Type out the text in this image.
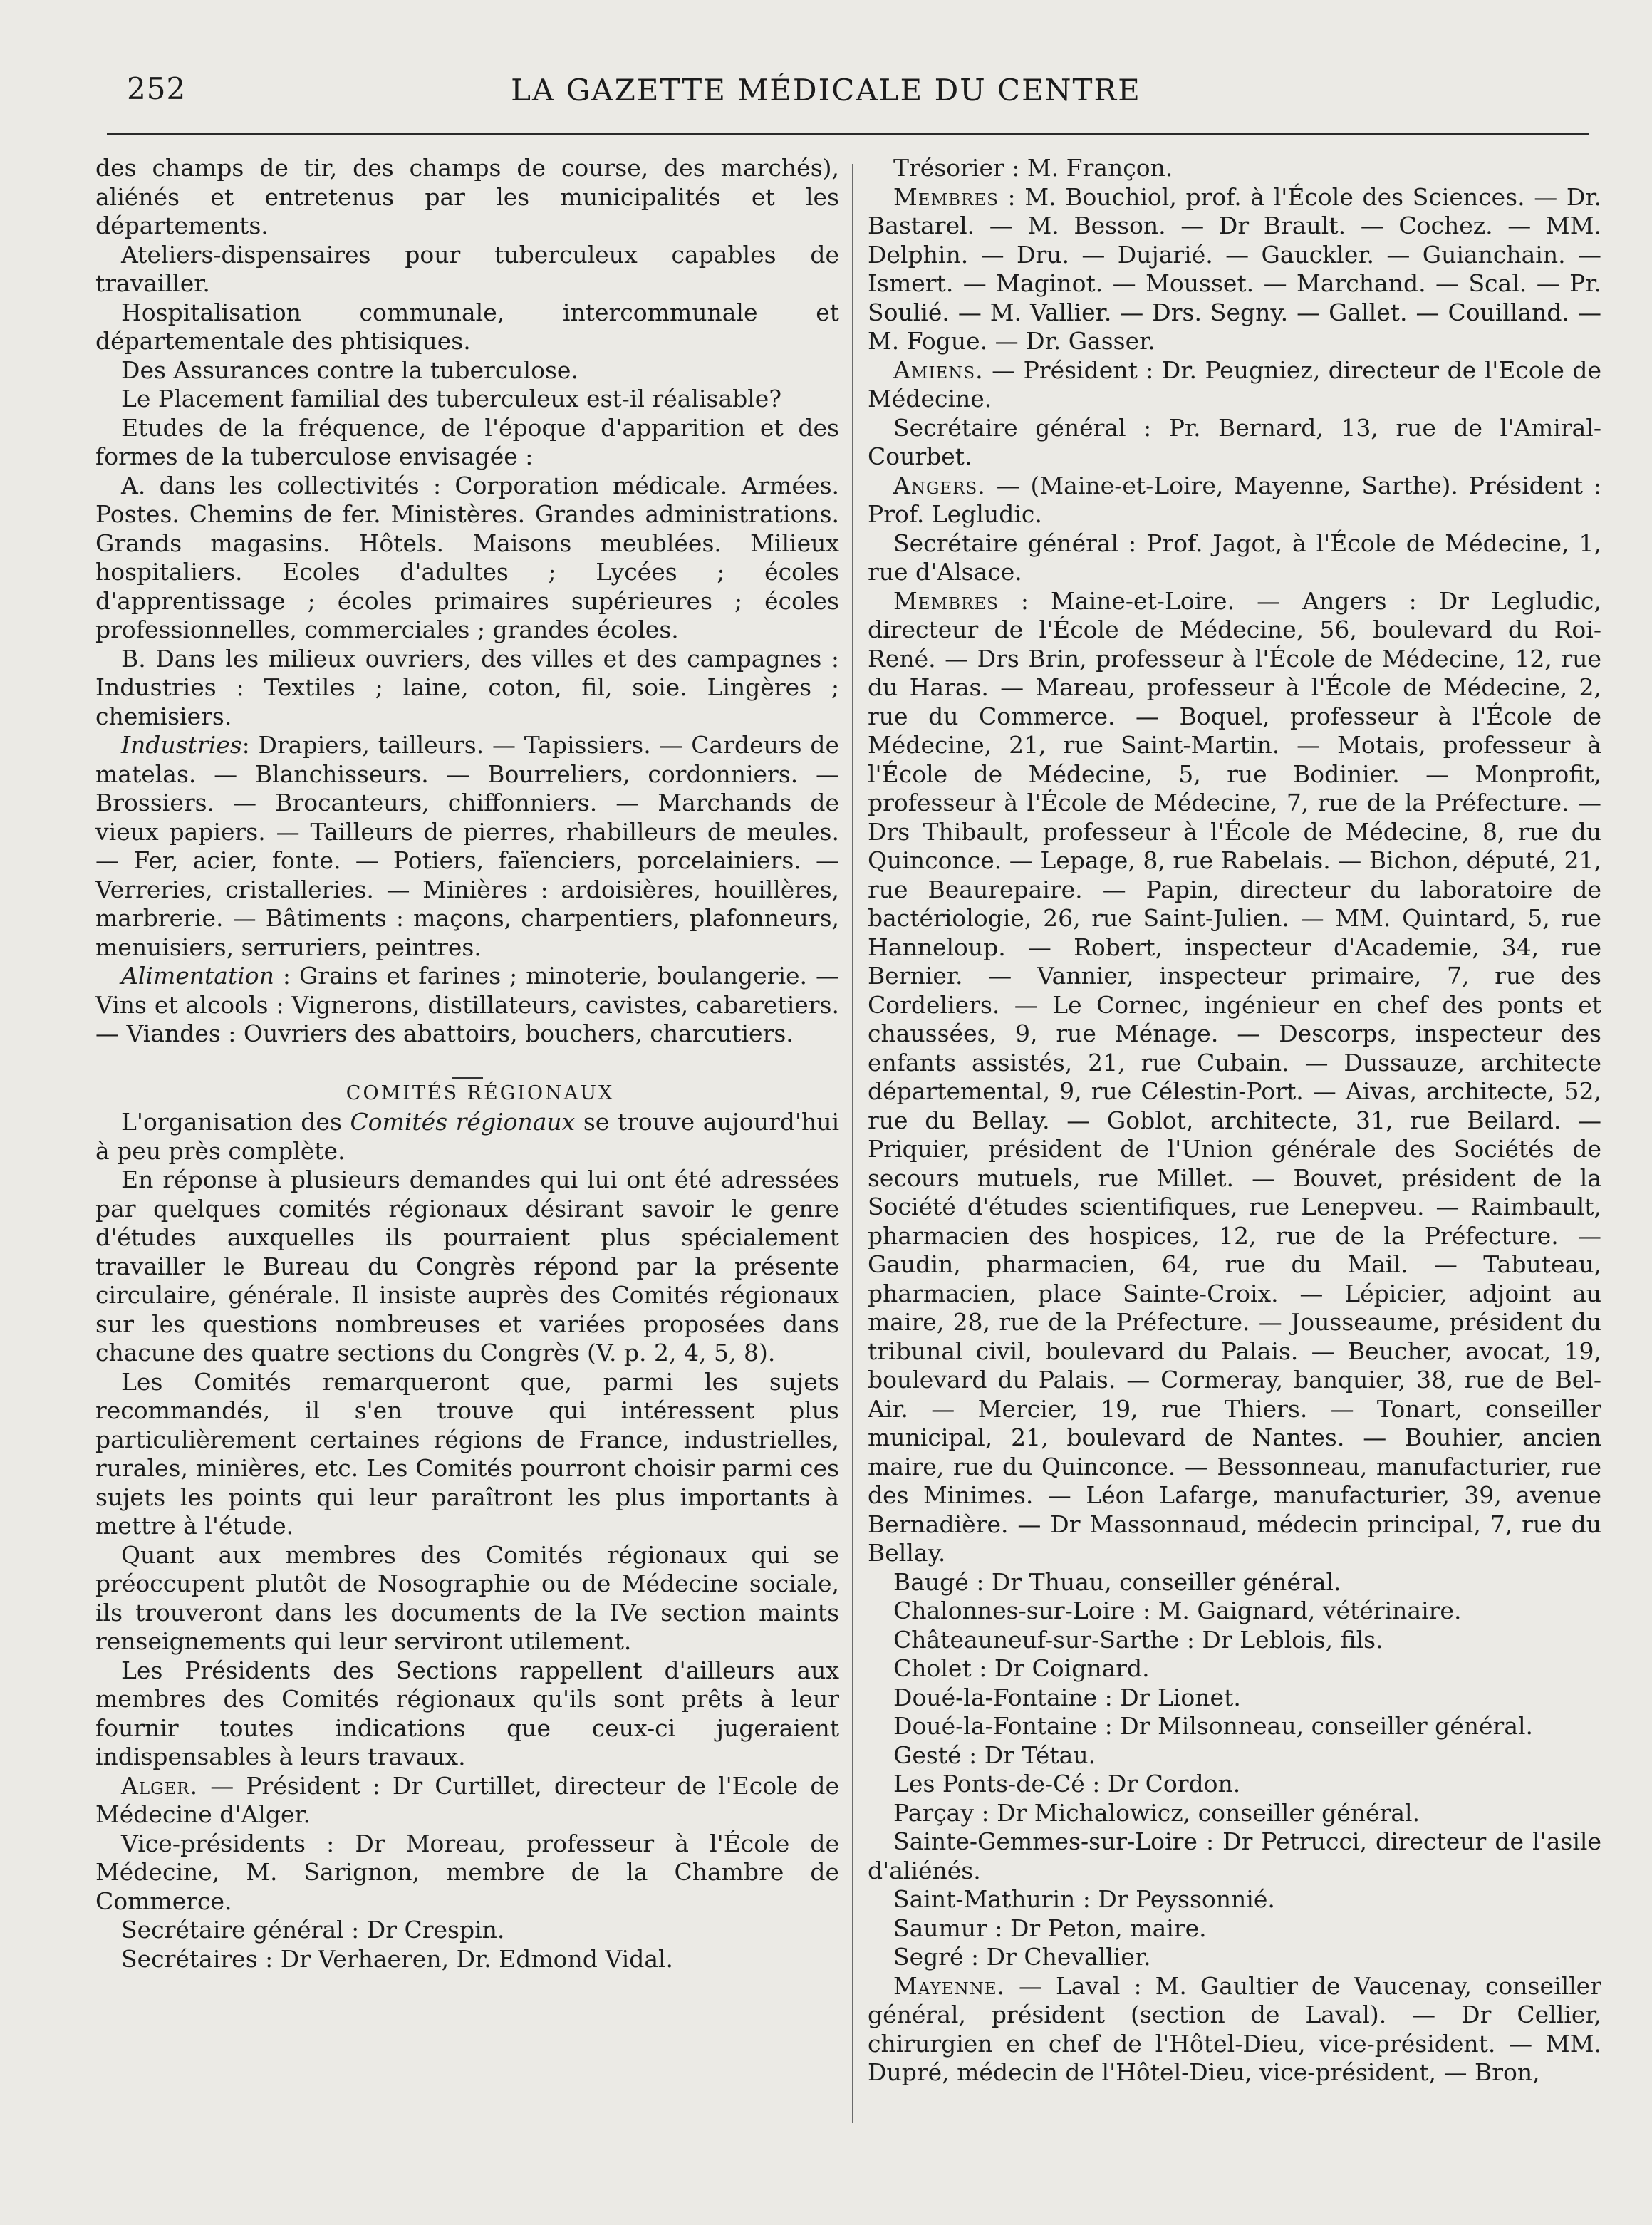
252	LA GAZETTE MÉDICALE DU CENTRE

des champs de tir, des champs de course, des marchés), aliénés et entretenus par les municipalités et les départements.

Ateliers-dispensaires pour tuberculeux capables de travailler.

Hospitalisation communale, intercommunale et départementale des phtisiques.

Des Assurances contre la tuberculose.

Le Placement familial des tuberculeux est-il réalisable?

Etudes de la fréquence, de l'époque d'apparition et des formes de la tuberculose envisagée :

A. dans les collectivités : Corporation médicale. Armées. Postes. Chemins de fer. Ministères. Grandes administrations. Grands magasins. Hôtels. Maisons meublées. Milieux hospitaliers. Ecoles d'adultes ; Lycées ; écoles d'apprentissage ; écoles primaires supérieures ; écoles professionnelles, commerciales ; grandes écoles.

B. Dans les milieux ouvriers, des villes et des campagnes : Industries : Textiles ; laine, coton, fil, soie. Lingères ; chemisiers.

Industries: Drapiers, tailleurs. — Tapissiers. — Cardeurs de matelas. — Blanchisseurs. — Bourreliers, cordonniers. — Brossiers. — Brocanteurs, chiffonniers. — Marchands de vieux papiers. — Tailleurs de pierres, rhabilleurs de meules. — Fer, acier, fonte. — Potiers, faïenciers, porcelainiers. — Verreries, cristalleries. — Minières : ardoisières, houillères, marbrerie. — Bâtiments : maçons, charpentiers, plafonneurs, menuisiers, serruriers, peintres.

Alimentation : Grains et farines ; minoterie, boulangerie. — Vins et alcools : Vignerons, distillateurs, cavistes, cabaretiers. — Viandes : Ouvriers des abattoirs, bouchers, charcutiers.

COMITÉS RÉGIONAUX

L'organisation des Comités régionaux se trouve aujourd'hui à peu près complète.

En réponse à plusieurs demandes qui lui ont été adressées par quelques comités régionaux désirant savoir le genre d'études auxquelles ils pourraient plus spécialement travailler le Bureau du Congrès répond par la présente circulaire, générale. Il insiste auprès des Comités régionaux sur les questions nombreuses et variées proposées dans chacune des quatre sections du Congrès (V. p. 2, 4, 5, 8).

Les Comités remarqueront que, parmi les sujets recommandés, il s'en trouve qui intéressent plus particulièrement certaines régions de France, industrielles, rurales, minières, etc. Les Comités pourront choisir parmi ces sujets les points qui leur paraîtront les plus importants à mettre à l'étude.

Quant aux membres des Comités régionaux qui se préoccupent plutôt de Nosographie ou de Médecine sociale, ils trouveront dans les documents de la IVe section maints renseignements qui leur serviront utilement.

Les Présidents des Sections rappellent d'ailleurs aux membres des Comités régionaux qu'ils sont prêts à leur fournir toutes indications que ceux-ci jugeraient indispensables à leurs travaux.

Alger. — Président : Dr Curtillet, directeur de l'Ecole de Médecine d'Alger.

Vice-présidents : Dr Moreau, professeur à l'École de Médecine, M. Sarignon, membre de la Chambre de Commerce.

Secrétaire général : Dr Crespin.

Secrétaires : Dr Verhaeren, Dr. Edmond Vidal.

Trésorier : M. Françon.

Membres : M. Bouchiol, prof. à l'École des Sciences. — Dr. Bastarel. — M. Besson. — Dr Brault. — Cochez. — MM. Delphin. — Dru. — Dujarié. — Gauckler. — Guianchain. — Ismert. — Maginot. — Mousset. — Marchand. — Scal. — Pr. Soulié. — M. Vallier. — Drs. Segny. — Gallet. — Couilland. — M. Fogue. — Dr. Gasser.

Amiens. — Président : Dr. Peugniez, directeur de l'Ecole de Médecine.

Secrétaire général : Pr. Bernard, 13, rue de l'Amiral-Courbet.

Angers. — (Maine-et-Loire, Mayenne, Sarthe). Président : Prof. Legludic.

Secrétaire général : Prof. Jagot, à l'École de Médecine, 1, rue d'Alsace.

Membres : Maine-et-Loire. — Angers : Dr Legludic, directeur de l'École de Médecine, 56, boulevard du Roi-René. — Drs Brin, professeur à l'École de Médecine, 12, rue du Haras. — Mareau, professeur à l'École de Médecine, 2, rue du Commerce. — Boquel, professeur à l'École de Médecine, 21, rue Saint-Martin. — Motais, professeur à l'École de Médecine, 5, rue Bodinier. — Monprofit, professeur à l'École de Médecine, 7, rue de la Préfecture. — Drs Thibault, professeur à l'École de Médecine, 8, rue du Quinconce. — Lepage, 8, rue Rabelais. — Bichon, député, 21, rue Beaurepaire. — Papin, directeur du laboratoire de bactériologie, 26, rue Saint-Julien. — MM. Quintard, 5, rue Hanneloup. — Robert, inspecteur d'Academie, 34, rue Bernier. — Vannier, inspecteur primaire, 7, rue des Cordeliers. — Le Cornec, ingénieur en chef des ponts et chaussées, 9, rue Ménage. — Descorps, inspecteur des enfants assistés, 21, rue Cubain. — Dussauze, architecte départemental, 9, rue Célestin-Port. — Aivas, architecte, 52, rue du Bellay. — Goblot, architecte, 31, rue Beilard. — Priquier, président de l'Union générale des Sociétés de secours mutuels, rue Millet. — Bouvet, président de la Société d'études scientifiques, rue Lenepveu. — Raimbault, pharmacien des hospices, 12, rue de la Préfecture. — Gaudin, pharmacien, 64, rue du Mail. — Tabuteau, pharmacien, place Sainte-Croix. — Lépicier, adjoint au maire, 28, rue de la Préfecture. — Jousseaume, président du tribunal civil, boulevard du Palais. — Beucher, avocat, 19, boulevard du Palais. — Cormeray, banquier, 38, rue de Bel-Air. — Mercier, 19, rue Thiers. — Tonart, conseiller municipal, 21, boulevard de Nantes. — Bouhier, ancien maire, rue du Quinconce. — Bessonneau, manufacturier, rue des Minimes. — Léon Lafarge, manufacturier, 39, avenue Bernadière. — Dr Massonnaud, médecin principal, 7, rue du Bellay.

Baugé : Dr Thuau, conseiller général.

Chalonnes-sur-Loire : M. Gaignard, vétérinaire.

Châteauneuf-sur-Sarthe : Dr Leblois, fils.

Cholet : Dr Coignard.

Doué-la-Fontaine : Dr Lionet.

Doué-la-Fontaine : Dr Milsonneau, conseiller général.

Gesté : Dr Tétau.

Les Ponts-de-Cé : Dr Cordon.

Parçay : Dr Michalowicz, conseiller général.

Sainte-Gemmes-sur-Loire : Dr Petrucci, directeur de l'asile d'aliénés.

Saint-Mathurin : Dr Peyssonnié.

Saumur : Dr Peton, maire.

Segré : Dr Chevallier.

Mayenne. — Laval : M. Gaultier de Vaucenay, conseiller général, président (section de Laval). — Dr Cellier, chirurgien en chef de l'Hôtel-Dieu, vice-président. — MM. Dupré, médecin de l'Hôtel-Dieu, vice-président, — Bron,
